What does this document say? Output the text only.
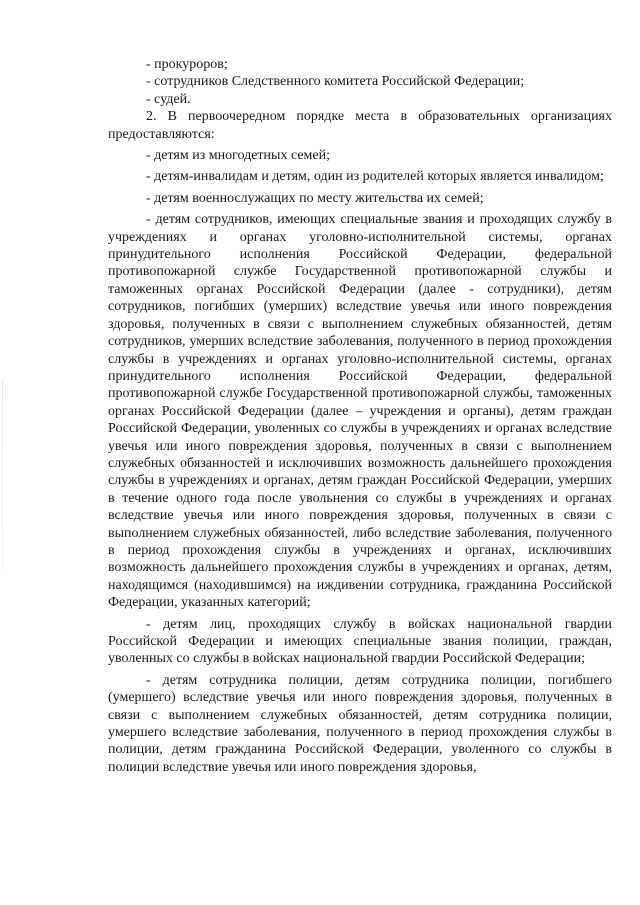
- прокуроров;

- сотрудников Следственного комитета Российской Федерации;

- судей.

2. В первоочередном порядке места в образовательных организациях предоставляются:

- детям из многодетных семей;

- детям-инвалидам и детям, один из родителей которых является инвалидом;

- детям военнослужащих по месту жительства их семей;

- детям сотрудников, имеющих специальные звания и проходящих службу в учреждениях и органах уголовно-исполнительной системы, органах принудительного исполнения Российской Федерации, федеральной противопожарной службе Государственной противопожарной службы и таможенных органах Российской Федерации (далее - сотрудники), детям сотрудников, погибших (умерших) вследствие увечья или иного повреждения здоровья, полученных в связи с выполнением служебных обязанностей, детям сотрудников, умерших вследствие заболевания, полученного в период прохождения службы в учреждениях и органах уголовно-исполнительной системы, органах принудительного исполнения Российской Федерации, федеральной противопожарной службе Государственной противопожарной службы, таможенных органах Российской Федерации (далее – учреждения и органы), детям граждан Российской Федерации, уволенных со службы в учреждениях и органах вследствие увечья или иного повреждения здоровья, полученных в связи с выполнением служебных обязанностей и исключивших возможность дальнейшего прохождения службы в учреждениях и органах, детям граждан Российской Федерации, умерших в течение одного года после увольнения со службы в учреждениях и органах вследствие увечья или иного повреждения здоровья, полученных в связи с выполнением служебных обязанностей, либо вследствие заболевания, полученного в период прохождения службы в учреждениях и органах, исключивших возможность дальнейшего прохождения службы в учреждениях и органах, детям, находящимся (находившимся) на иждивении сотрудника, гражданина Российской Федерации, указанных категорий;

- детям лиц, проходящих службу в войсках национальной гвардии Российской Федерации и имеющих специальные звания полиции, граждан, уволенных со службы в войсках национальной гвардии Российской Федерации;

- детям сотрудника полиции, детям сотрудника полиции, погибшего (умершего) вследствие увечья или иного повреждения здоровья, полученных в связи с выполнением служебных обязанностей, детям сотрудника полиции, умершего вследствие заболевания, полученного в период прохождения службы в полиции, детям гражданина Российской Федерации, уволенного со службы в полиции вследствие увечья или иного повреждения здоровья,
